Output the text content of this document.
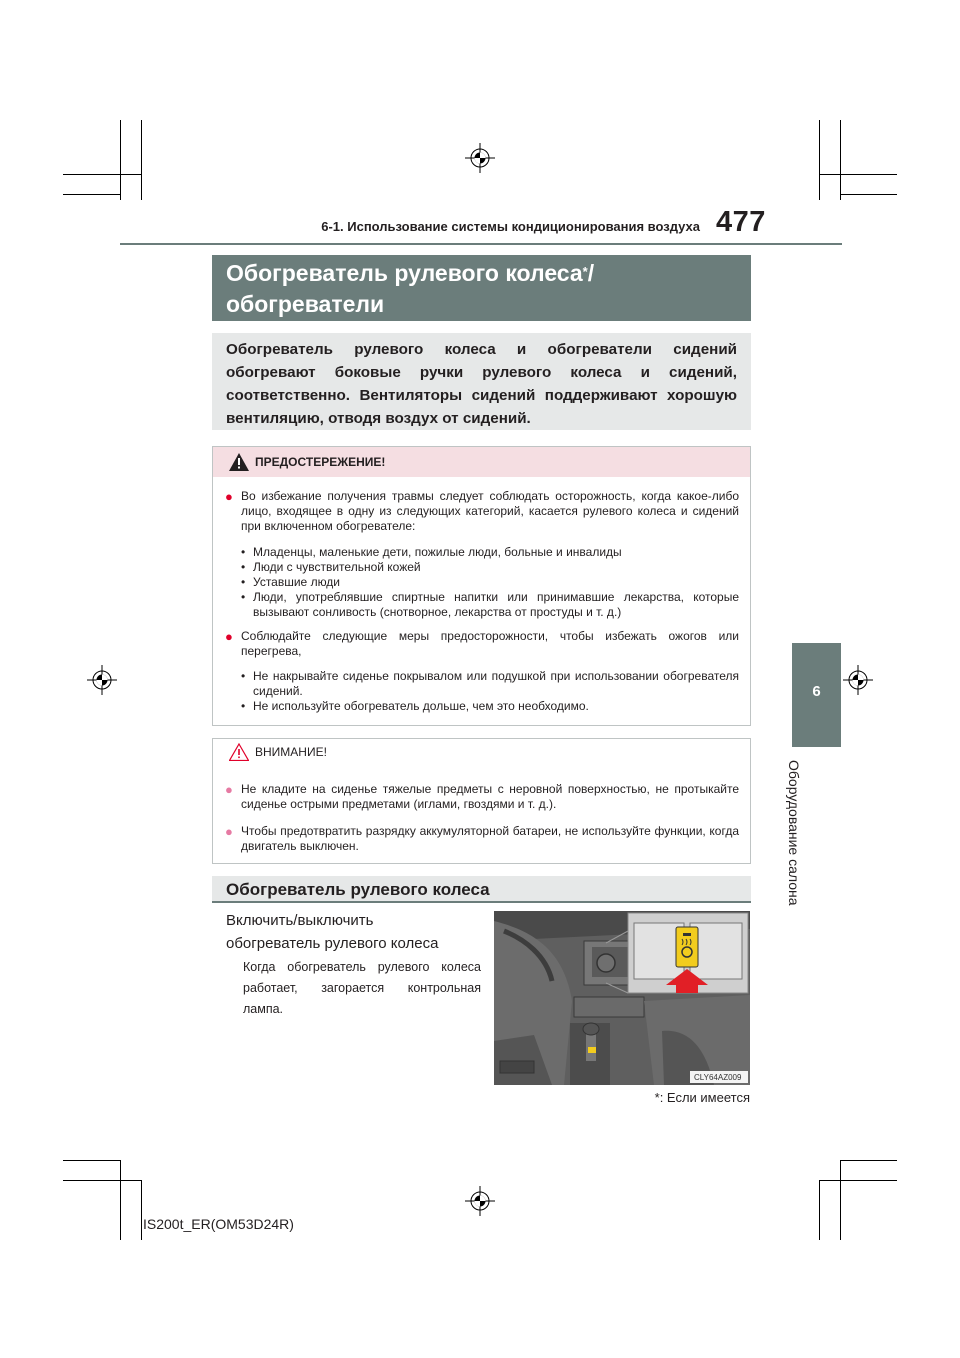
6-1. Использование системы кондиционирования воздуха 477
6
Оборудование салона
Обогреватель рулевого колеса*/обогреватели

Обогреватель рулевого колеса и обогреватели сидений обогревают боковые ручки рулевого колеса и сидений, соответственно. Вентиляторы сидений поддерживают хорошую вентиляцию, отводя воздух от сидений.
ПРЕДОСТЕРЕЖЕНИЕ!
● Во избежание получения травмы следует соблюдать осторожность, когда какое-либо лицо, входящее в одну из следующих категорий, касается рулевого колеса и сидений при включенном обогревателе:
• Младенцы, маленькие дети, пожилые люди, больные и инвалиды
• Люди с чувствительной кожей
• Уставшие люди
• Люди, употреблявшие спиртные напитки или принимавшие лекарства, которые вызывают сонливость (снотворное, лекарства от простуды и т. д.)
● Соблюдайте следующие меры предосторожности, чтобы избежать ожогов или перегрева,
• Не накрывайте сиденье покрывалом или подушкой при использовании обогревателя сидений.
• Не используйте обогреватель дольше, чем это необходимо.
ВНИМАНИЕ!
● Не кладите на сиденье тяжелые предметы с неровной поверхностью, не протыкайте сиденье острыми предметами (иглами, гвоздями и т. д.).
● Чтобы предотвратить разрядку аккумуляторной батареи, не используйте функции, когда двигатель выключен.
Обогреватель рулевого колеса
Включить/выключить
обогреватель рулевого колеса
Когда обогреватель рулевого колеса работает, загорается контрольная лампа.
CLY64AZ009
*: Если имеется
IS200t_ER(OM53D24R)
